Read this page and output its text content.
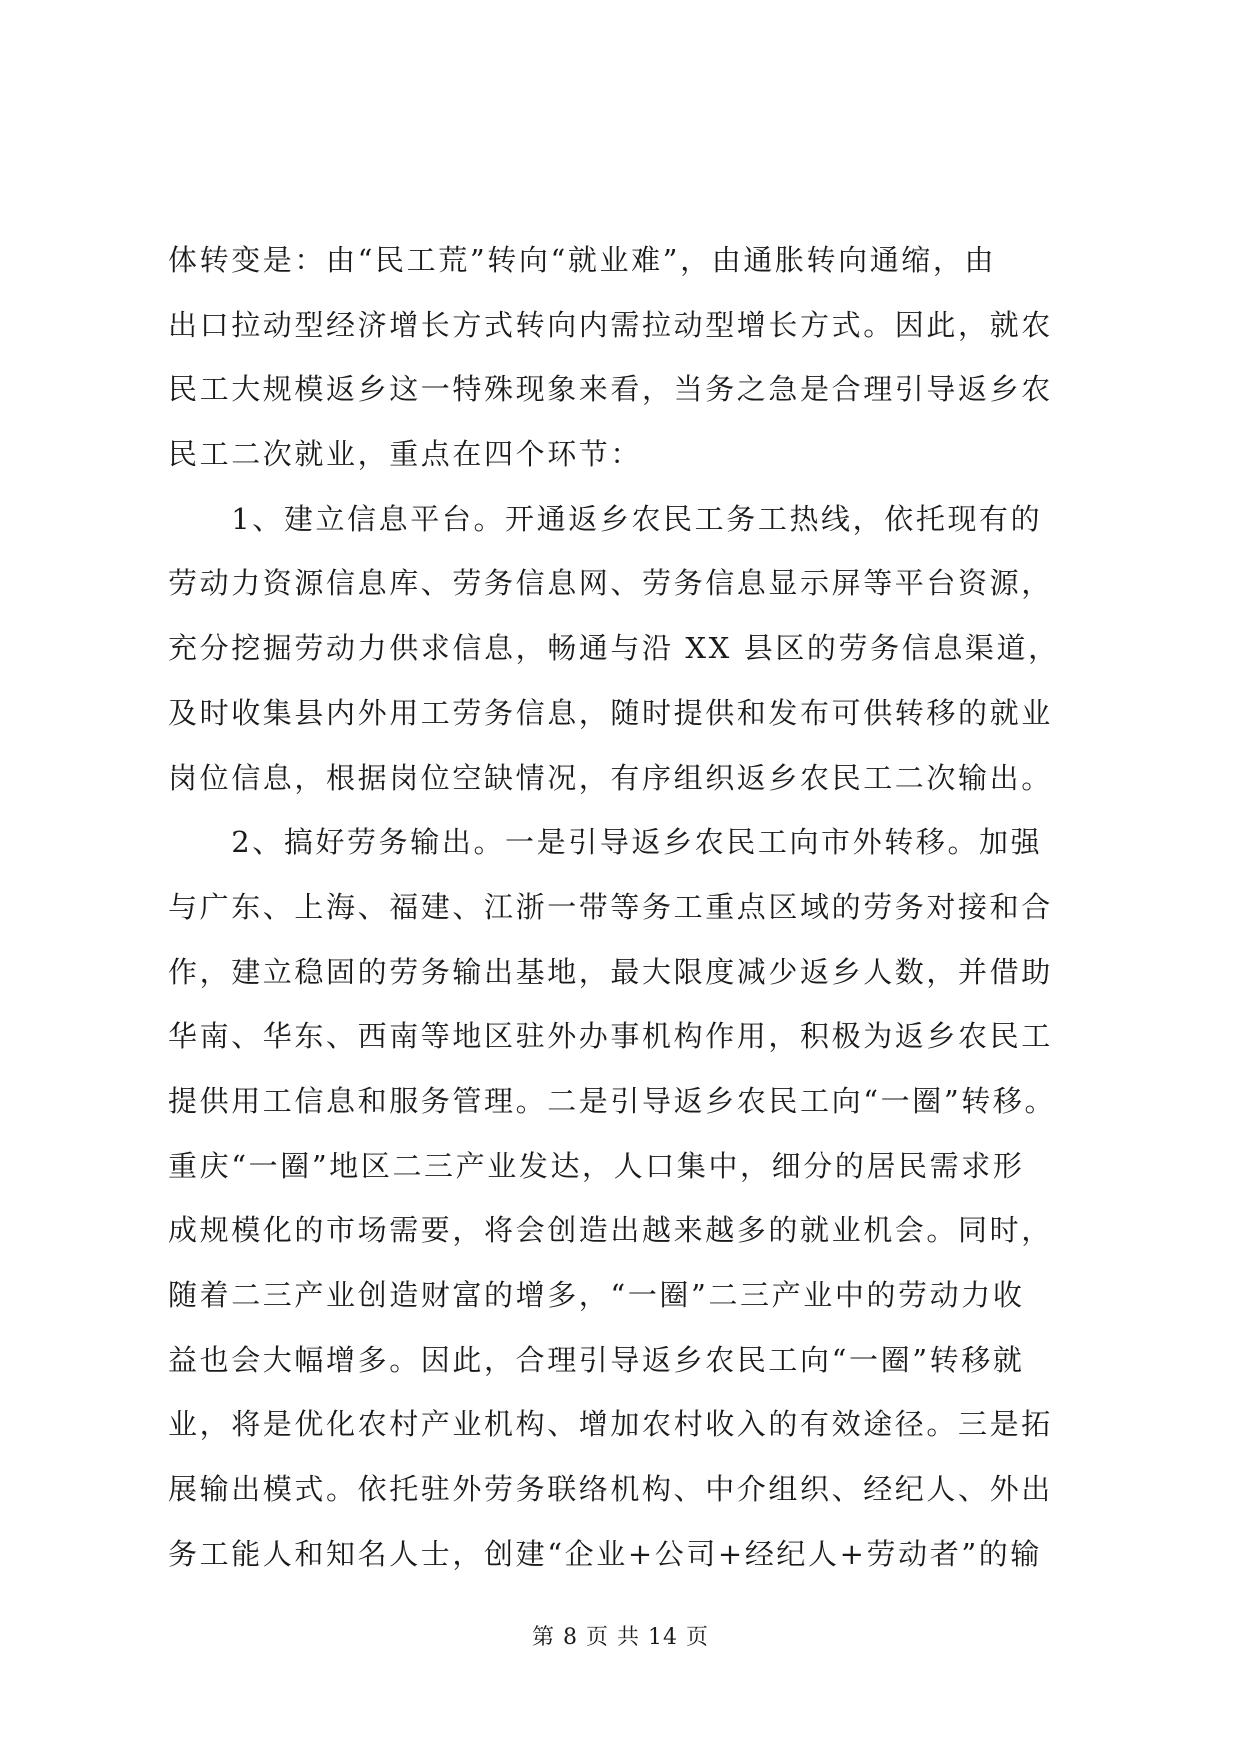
体转变是：由“民工荒”转向“就业难”，由通胀转向通缩，由
出口拉动型经济增长方式转向内需拉动型增长方式。因此，就农
民工大规模返乡这一特殊现象来看，当务之急是合理引导返乡农
民工二次就业，重点在四个环节：
　　1、建立信息平台。开通返乡农民工务工热线，依托现有的
劳动力资源信息库、劳务信息网、劳务信息显示屏等平台资源，
充分挖掘劳动力供求信息，畅通与沿 XX 县区的劳务信息渠道，
及时收集县内外用工劳务信息，随时提供和发布可供转移的就业
岗位信息，根据岗位空缺情况，有序组织返乡农民工二次输出。
　　2、搞好劳务输出。一是引导返乡农民工向市外转移。加强
与广东、上海、福建、江浙一带等务工重点区域的劳务对接和合
作，建立稳固的劳务输出基地，最大限度减少返乡人数，并借助
华南、华东、西南等地区驻外办事机构作用，积极为返乡农民工
提供用工信息和服务管理。二是引导返乡农民工向“一圈”转移。
重庆“一圈”地区二三产业发达，人口集中，细分的居民需求形
成规模化的市场需要，将会创造出越来越多的就业机会。同时，
随着二三产业创造财富的增多，“一圈”二三产业中的劳动力收
益也会大幅增多。因此，合理引导返乡农民工向“一圈”转移就
业，将是优化农村产业机构、增加农村收入的有效途径。三是拓
展输出模式。依托驻外劳务联络机构、中介组织、经纪人、外出
务工能人和知名人士，创建“企业+公司+经纪人+劳动者”的输
第 8 页 共 14 页
